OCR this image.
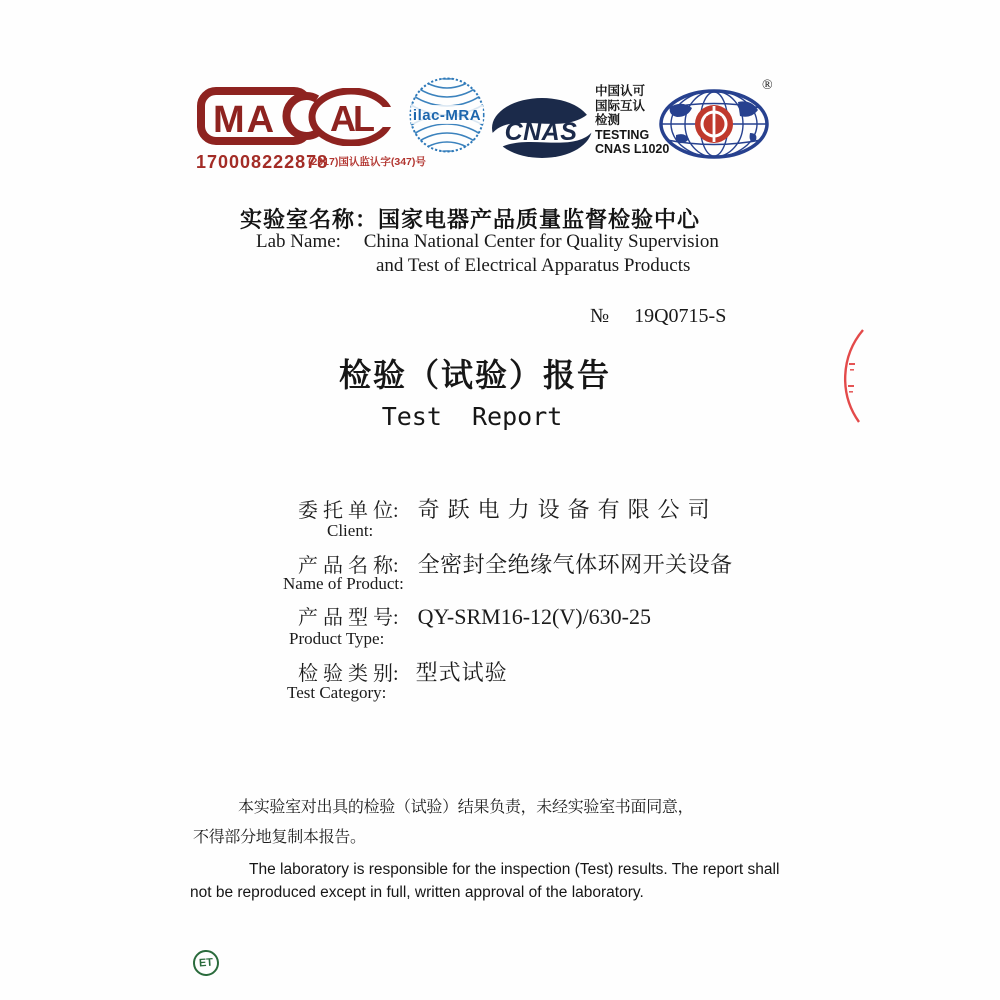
MA
170008222878
AL
(2017)国认监认字(347)号
ilac-MRA
CNAS
中国认可
国际互认
检测
TESTING
CNAS L1020
®
实验室名称：国家电器产品质量监督检验中心
Lab Name: China National Center for Quality Supervision
and Test of Electrical Apparatus Products
№ 19Q0715-S
检验（试验）报告
Test  Report
委 托 单 位: 奇跃电力设备有限公司
Client:
产 品 名 称: 全密封全绝缘气体环网开关设备
Name of Product:
产 品 型 号: QY-SRM16-12(V)/630-25
Product Type:
检 验 类 别: 型式试验
Test Category:
本实验室对出具的检验（试验）结果负责，未经实验室书面同意，
不得部分地复制本报告。
The laboratory is responsible for the inspection (Test) results. The report shall
not be reproduced except in full, written approval of the laboratory.
ET
